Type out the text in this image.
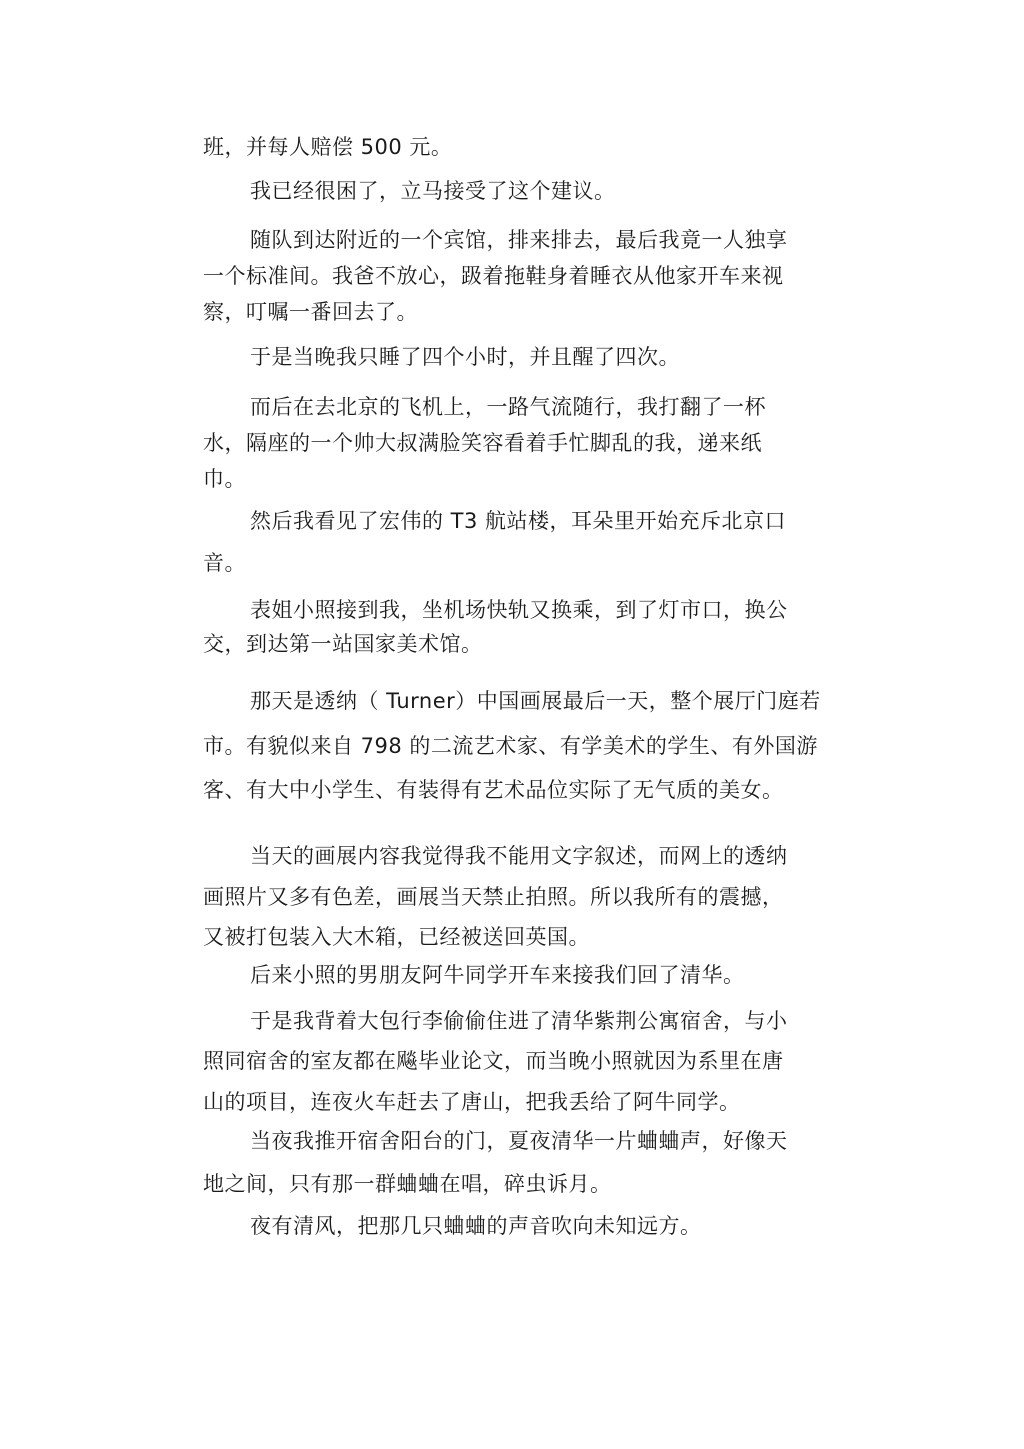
班，并每人赔偿 500 元。
我已经很困了，立马接受了这个建议。
随队到达附近的一个宾馆，排来排去，最后我竟一人独享
一个标准间。我爸不放心，趿着拖鞋身着睡衣从他家开车来视
察，叮嘱一番回去了。
于是当晚我只睡了四个小时，并且醒了四次。
而后在去北京的飞机上，一路气流随行，我打翻了一杯
水，隔座的一个帅大叔满脸笑容看着手忙脚乱的我，递来纸
巾。
然后我看见了宏伟的 T3 航站楼，耳朵里开始充斥北京口
音。
表姐小照接到我，坐机场快轨又换乘，到了灯市口，换公
交，到达第一站国家美术馆。
那天是透纳（ Turner）中国画展最后一天，整个展厅门庭若
市。有貌似来自 798 的二流艺术家、有学美术的学生、有外国游
客、有大中小学生、有装得有艺术品位实际了无气质的美女。
当天的画展内容我觉得我不能用文字叙述，而网上的透纳
画照片又多有色差，画展当天禁止拍照。所以我所有的震撼，
又被打包装入大木箱，已经被送回英国。
后来小照的男朋友阿牛同学开车来接我们回了清华。
于是我背着大包行李偷偷住进了清华紫荆公寓宿舍，与小
照同宿舍的室友都在飚毕业论文，而当晚小照就因为系里在唐
山的项目，连夜火车赶去了唐山，把我丢给了阿牛同学。
当夜我推开宿舍阳台的门，夏夜清华一片蛐蛐声，好像天
地之间，只有那一群蛐蛐在唱，碎虫诉月。
夜有清风，把那几只蛐蛐的声音吹向未知远方。
